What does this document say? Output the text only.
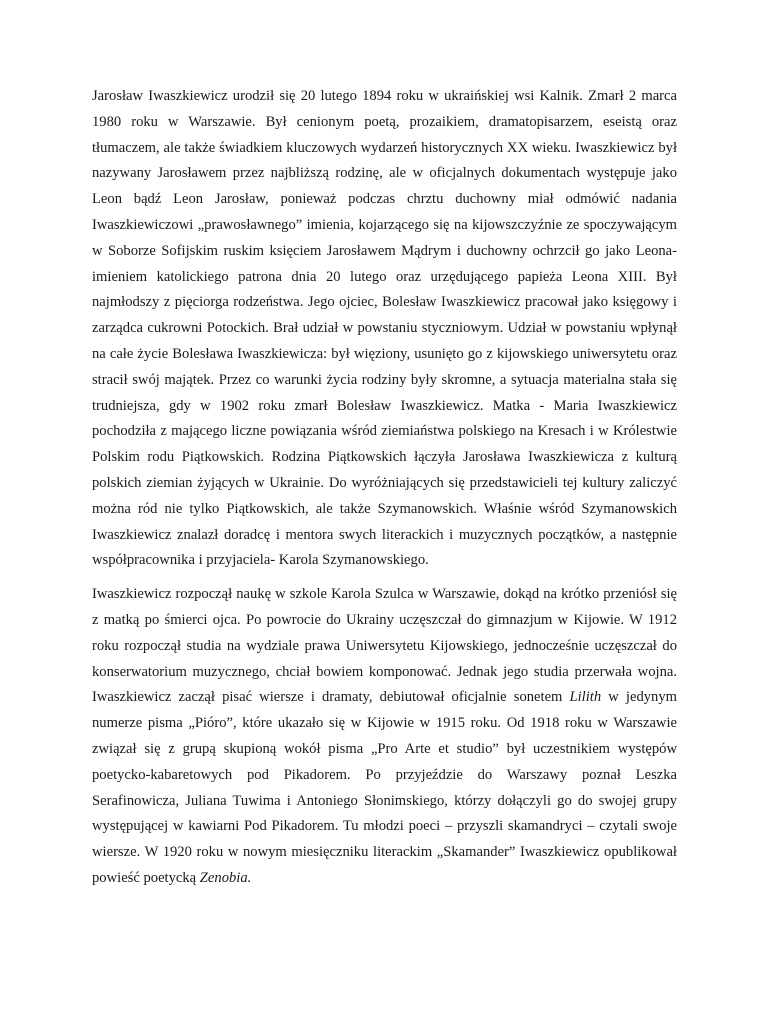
Jarosław Iwaszkiewicz urodził się 20 lutego 1894 roku w ukraińskiej wsi Kalnik. Zmarł 2 marca 1980 roku w Warszawie. Był cenionym poetą, prozaikiem, dramatopisarzem, eseistą oraz tłumaczem, ale także świadkiem kluczowych wydarzeń historycznych XX wieku. Iwaszkiewicz był nazywany Jarosławem przez najbliższą rodzinę, ale w oficjalnych dokumentach występuje jako Leon bądź Leon Jarosław, ponieważ podczas chrztu duchowny miał odmówić nadania Iwaszkiewiczowi „prawosławnego” imienia, kojarzącego się na kijowszczyźnie ze spoczywającym w Soborze Sofijskim ruskim księciem Jarosławem Mądrym i duchowny ochrzcił go jako Leona- imieniem katolickiego patrona dnia 20 lutego oraz urzędującego papieża Leona XIII. Był najmłodszy z pięciorga rodzeństwa. Jego ojciec, Bolesław Iwaszkiewicz pracował jako księgowy i zarządca cukrowni Potockich. Brał udział w powstaniu styczniowym. Udział w powstaniu wpłynął na całe życie Bolesława Iwaszkiewicza: był więziony, usunięto go z kijowskiego uniwersytetu oraz stracił swój majątek. Przez co warunki życia rodziny były skromne, a sytuacja materialna stała się trudniejsza, gdy w 1902 roku zmarł Bolesław Iwaszkiewicz. Matka - Maria Iwaszkiewicz pochodziła z mającego liczne powiązania wśród ziemiaństwa polskiego na Kresach i w Królestwie Polskim rodu Piątkowskich. Rodzina Piątkowskich łączyła Jarosława Iwaszkiewicza z kulturą polskich ziemian żyjących w Ukrainie. Do wyróżniających się przedstawicieli tej kultury zaliczyć można ród nie tylko Piątkowskich, ale także Szymanowskich. Właśnie wśród Szymanowskich Iwaszkiewicz znalazł doradcę i mentora swych literackich i muzycznych początków, a następnie współpracownika i przyjaciela- Karola Szymanowskiego.

Iwaszkiewicz rozpoczął naukę w szkole Karola Szulca w Warszawie, dokąd na krótko przeniósł się z matką po śmierci ojca. Po powrocie do Ukrainy uczęszczał do gimnazjum w Kijowie. W 1912 roku rozpoczął studia na wydziale prawa Uniwersytetu Kijowskiego, jednocześnie uczęszczał do konserwatorium muzycznego, chciał bowiem komponować. Jednak jego studia przerwała wojna. Iwaszkiewicz zaczął pisać wiersze i dramaty, debiutował oficjalnie sonetem Lilith w jedynym numerze pisma „Pióro”, które ukazało się w Kijowie w 1915 roku. Od 1918 roku w Warszawie związał się z grupą skupioną wokół pisma „Pro Arte et studio” był uczestnikiem występów poetycko-kabaretowych pod Pikadorem. Po przyjeździe do Warszawy poznał Leszka Serafinowicza, Juliana Tuwima i Antoniego Słonimskiego, którzy dołączyli go do swojej grupy występującej w kawiarni Pod Pikadorem. Tu młodzi poeci – przyszli skamandryci – czytali swoje wiersze. W 1920 roku w nowym miesięczniku literackim „Skamander” Iwaszkiewicz opublikował powieść poetycką Zenobia.
